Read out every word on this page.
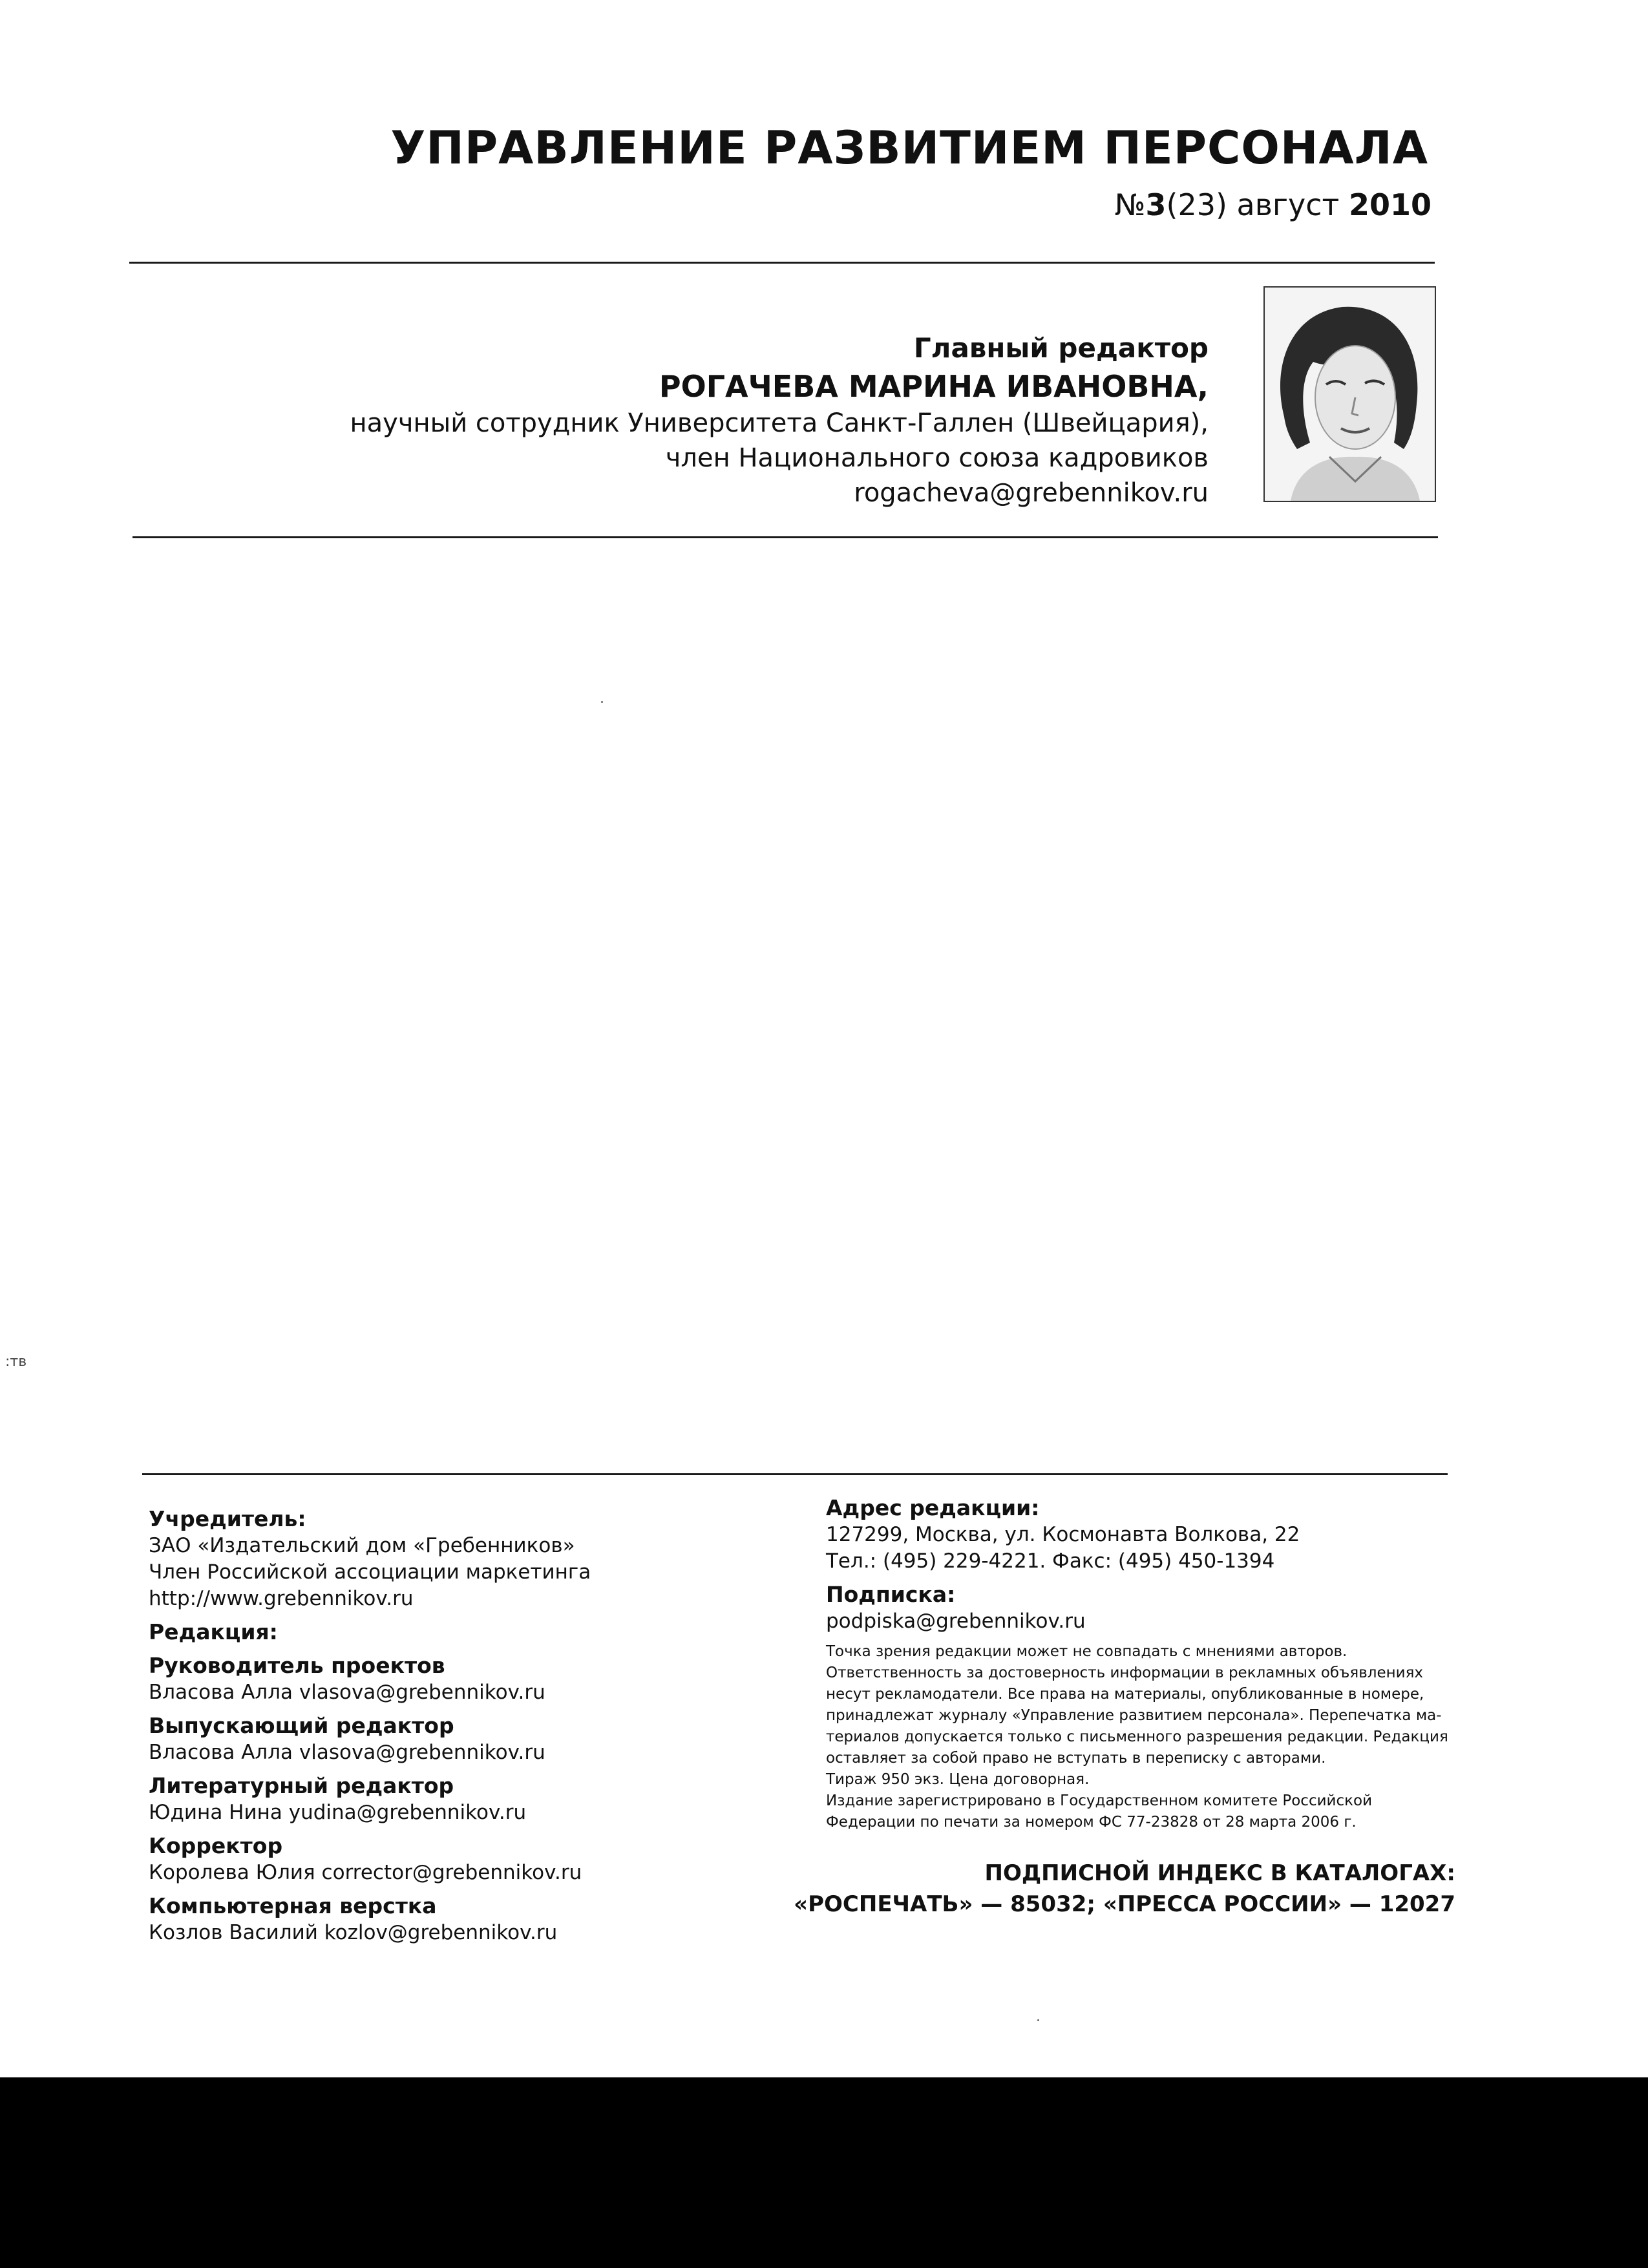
УПРАВЛЕНИЕ РАЗВИТИЕМ ПЕРСОНАЛА
№3(23) август 2010
Главный редактор
РОГАЧЕВА МАРИНА ИВАНОВНА,
научный сотрудник Университета Санкт-Галлен (Швейцария),
член Национального союза кадровиков
rogacheva@grebennikov.ru
:тв
Учредитель:
ЗАО «Издательский дом «Гребенников»
Член Российской ассоциации маркетинга
http://www.grebennikov.ru
Редакция:
Руководитель проектов
Власова Алла vlasova@grebennikov.ru
Выпускающий редактор
Власова Алла vlasova@grebennikov.ru
Литературный редактор
Юдина Нина yudina@grebennikov.ru
Корректор
Королева Юлия corrector@grebennikov.ru
Компьютерная верстка
Козлов Василий kozlov@grebennikov.ru
Адрес редакции:
127299, Москва, ул. Космонавта Волкова, 22
Тел.: (495) 229-4221. Факс: (495) 450-1394
Подписка:
podpiska@grebennikov.ru
Точка зрения редакции может не совпадать с мнениями авторов.
Ответственность за достоверность информации в рекламных объявлениях
несут рекламодатели. Все права на материалы, опубликованные в номере,
принадлежат журналу «Управление развитием персонала». Перепечатка ма-
териалов допускается только с письменного разрешения редакции. Редакция
оставляет за собой право не вступать в переписку с авторами.
Тираж 950 экз. Цена договорная.
Издание зарегистрировано в Государственном комитете Российской
Федерации по печати за номером ФС 77-23828 от 28 марта 2006 г.
ПОДПИСНОЙ ИНДЕКС В КАТАЛОГАХ:
«РОСПЕЧАТЬ» — 85032; «ПРЕССА РОССИИ» — 12027
